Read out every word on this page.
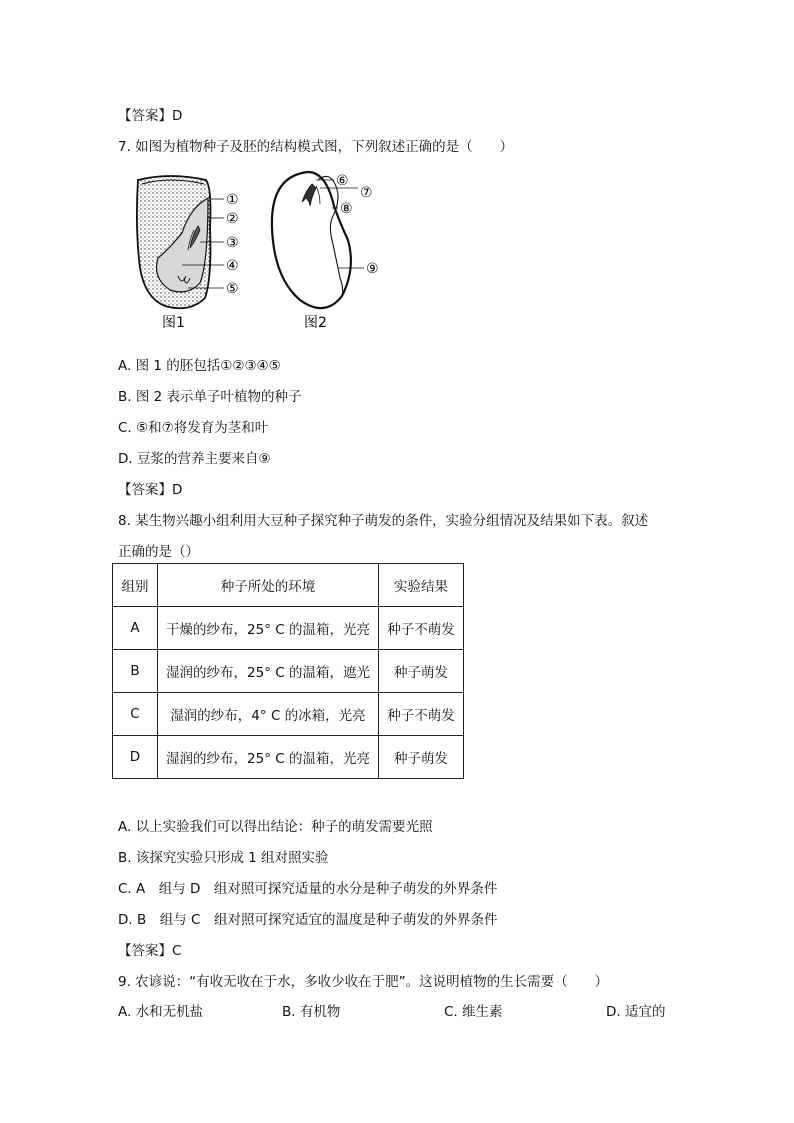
【答案】D
7. 如图为植物种子及胚的结构模式图，下列叙述正确的是（　　）
①
②
③
④
⑤
图1
⑥
⑦
⑧
⑨
图2
A. 图 1 的胚包括①②③④⑤
B. 图 2 表示单子叶植物的种子
C. ⑤和⑦将发育为茎和叶
D. 豆浆的营养主要来自⑨
【答案】D
8. 某生物兴趣小组利用大豆种子探究种子萌发的条件，实验分组情况及结果如下表。叙述
正确的是（）
组别	种子所处的环境	实验结果
A	干燥的纱布，25° C 的温箱，光亮	种子不萌发
B	湿润的纱布，25° C 的温箱，遮光	种子萌发
C	湿润的纱布，4° C 的冰箱，光亮	种子不萌发
D	湿润的纱布，25° C 的温箱，光亮	种子萌发
A. 以上实验我们可以得出结论：种子的萌发需要光照
B. 该探究实验只形成 1 组对照实验
C. A　组与 D　组对照可探究适量的水分是种子萌发的外界条件
D. B　组与 C　组对照可探究适宜的温度是种子萌发的外界条件
【答案】C
9. 农谚说：“有收无收在于水，多收少收在于肥”。这说明植物的生长需要（　　）
A. 水和无机盐	B. 有机物	C. 维生素	D. 适宜的
